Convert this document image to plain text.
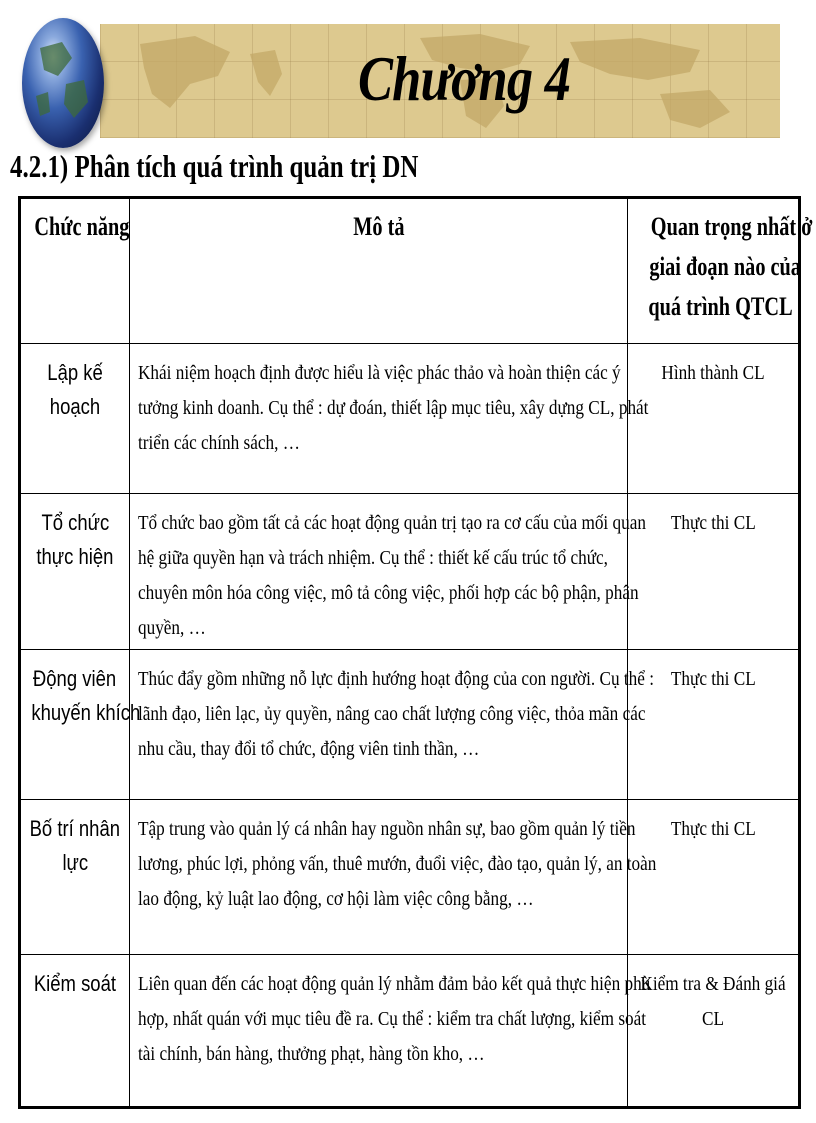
Chương 4
4.2.1) Phân tích quá trình quản trị DN
Chức năng	Mô tả	Quan trọng nhất ở
giai đoạn nào của
quá trình QTCL

Lập kế
hoạch	Khái niệm hoạch định được hiểu là việc phác thảo và hoàn thiện các ý
tưởng kinh doanh. Cụ thể : dự đoán, thiết lập mục tiêu, xây dựng CL, phát
triển các chính sách, …	Hình thành CL
Tổ chức
thực hiện	Tổ chức bao gồm tất cả các hoạt động quản trị tạo ra cơ cấu của mối quan
hệ giữa quyền hạn và trách nhiệm. Cụ thể : thiết kế cấu trúc tổ chức,
chuyên môn hóa công việc, mô tả công việc, phối hợp các bộ phận, phân
quyền, …	Thực thi CL
Động viên
khuyến khích	Thúc đẩy gồm những nỗ lực định hướng hoạt động của con người. Cụ thể :
lãnh đạo, liên lạc, ủy quyền, nâng cao chất lượng công việc, thỏa mãn các
nhu cầu, thay đổi tổ chức, động viên tinh thần, …	Thực thi CL
Bố trí nhân
lực	Tập trung vào quản lý cá nhân hay nguồn nhân sự, bao gồm quản lý tiền
lương, phúc lợi, phỏng vấn, thuê mướn, đuổi việc, đào tạo, quản lý, an toàn
lao động, kỷ luật lao động, cơ hội làm việc công bằng, …	Thực thi CL
Kiểm soát	Liên quan đến các hoạt động quản lý nhằm đảm bảo kết quả thực hiện phù
hợp, nhất quán với mục tiêu đề ra. Cụ thể : kiểm tra chất lượng, kiểm soát
tài chính, bán hàng, thưởng phạt, hàng tồn kho, …	Kiểm tra & Đánh giá CL
